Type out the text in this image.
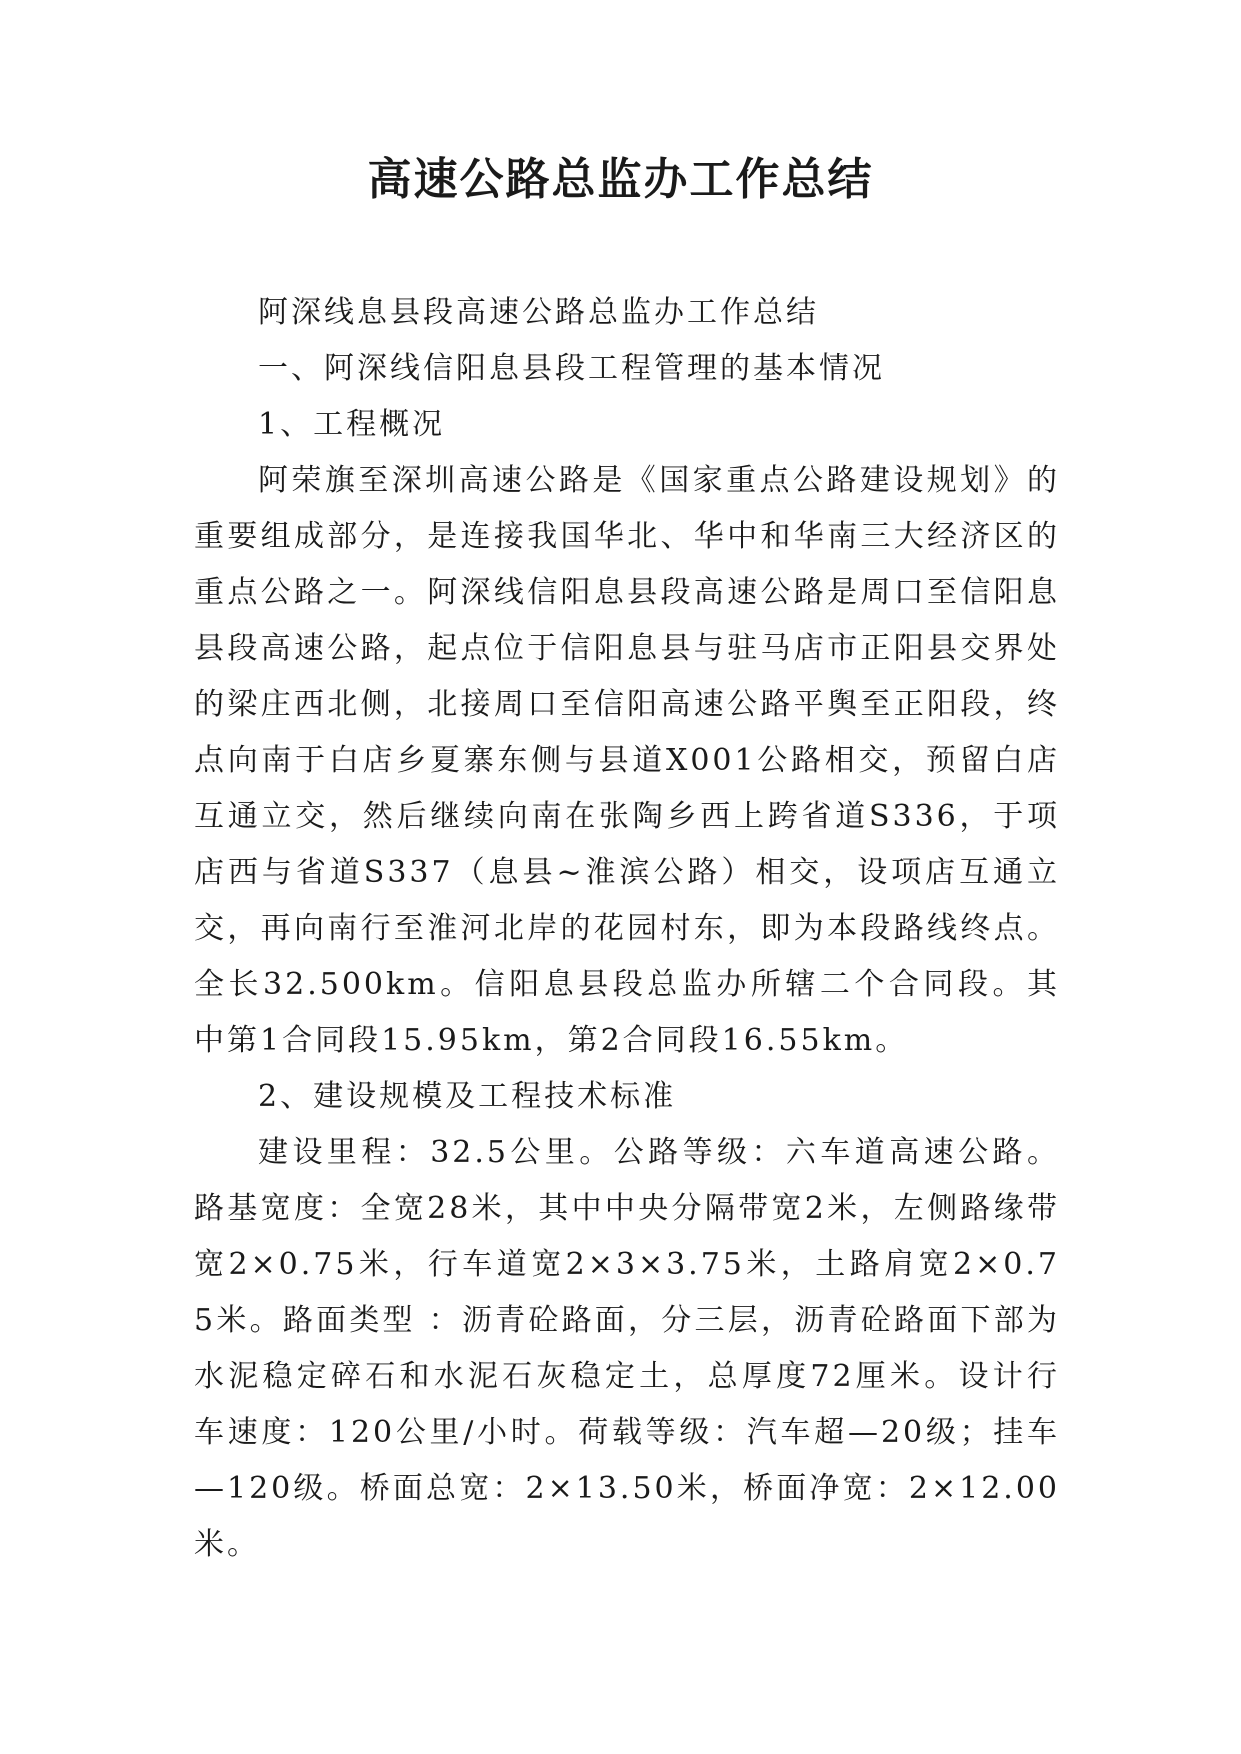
高速公路总监办工作总结

阿深线息县段高速公路总监办工作总结

一、阿深线信阳息县段工程管理的基本情况

1、工程概况

阿荣旗至深圳高速公路是《国家重点公路建设规划》的重要组成部分，是连接我国华北、华中和华南三大经济区的重点公路之一。阿深线信阳息县段高速公路是周口至信阳息县段高速公路，起点位于信阳息县与驻马店市正阳县交界处的梁庄西北侧，北接周口至信阳高速公路平舆至正阳段，终点向南于白店乡夏寨东侧与县道X001公路相交，预留白店互通立交，然后继续向南在张陶乡西上跨省道S336，于项店西与省道S337（息县~淮滨公路）相交，设项店互通立交，再向南行至淮河北岸的花园村东，即为本段路线终点。全长32.500km。信阳息县段总监办所辖二个合同段。其中第1合同段15.95km，第2合同段16.55km。

2、建设规模及工程技术标准

建设里程：32.5公里。公路等级：六车道高速公路。路基宽度：全宽28米，其中中央分隔带宽2米，左侧路缘带宽2×0.75米，行车道宽2×3×3.75米，土路肩宽2×0.75米。路面类型 ：沥青砼路面，分三层，沥青砼路面下部为水泥稳定碎石和水泥石灰稳定土，总厚度72厘米。设计行车速度：120公里/小时。荷载等级：汽车超—20级；挂车—120级。桥面总宽：2×13.50米，桥面净宽：2×12.00米。
